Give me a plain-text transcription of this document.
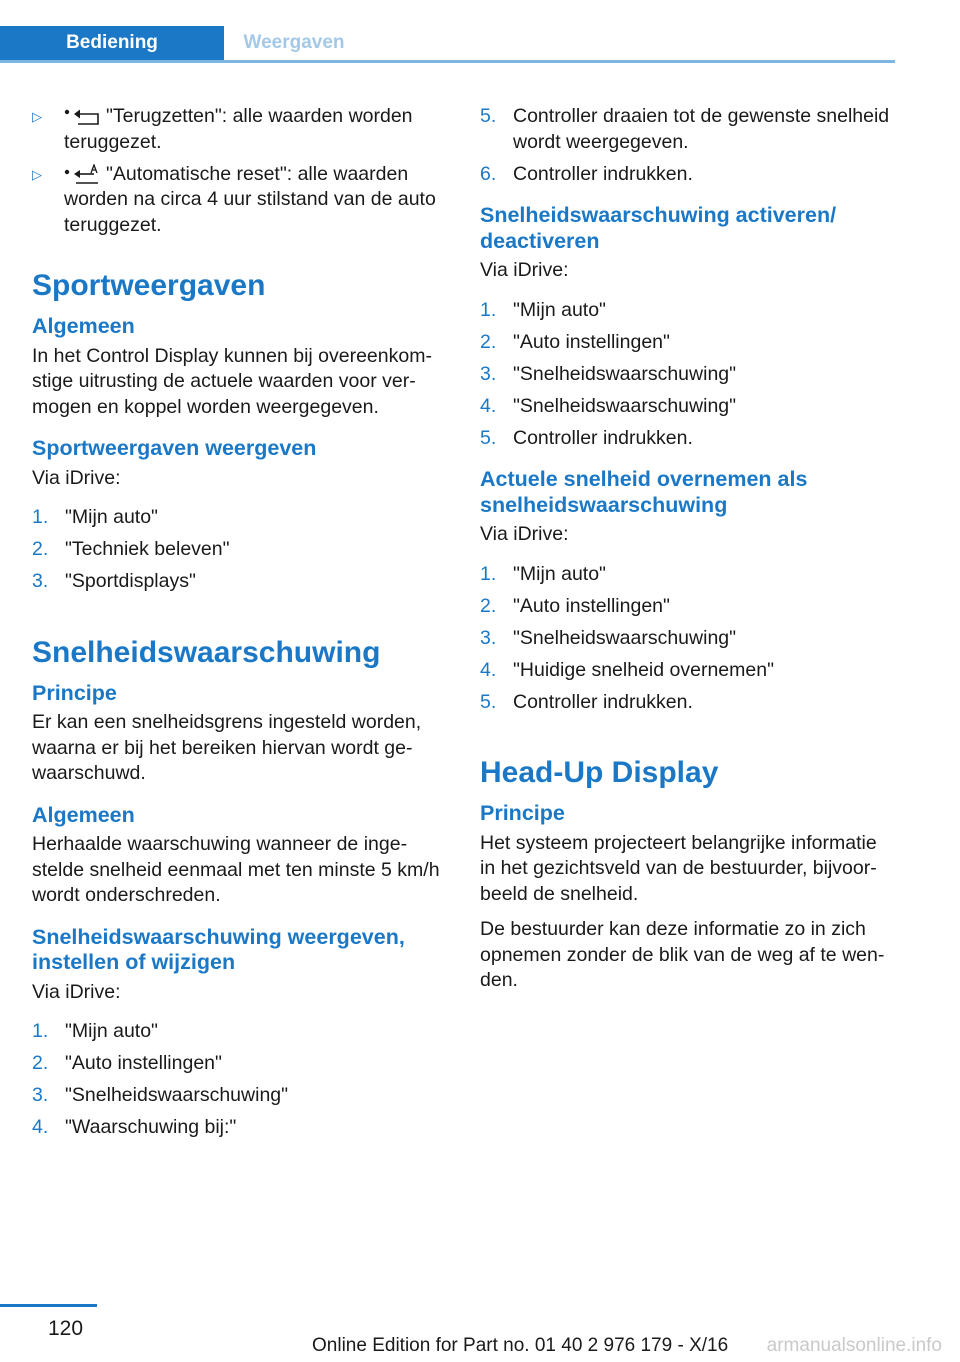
Bediening	Weergaven
▷	"Terugzetten": alle waarden worden teruggezet.
▷	"Automatische reset": alle waarden worden na circa 4 uur stilstand van de auto teruggezet.
Sportweergaven
Algemeen

In het Control Display kunnen bij overeenkomstige uitrusting de actuele waarden voor vermogen en koppel worden weergegeven.

Sportweergaven weergeven

Via iDrive:

1. "Mijn auto"
2. "Techniek beleven"
3. "Sportdisplays"
Snelheidswaarschuwing
Principe

Er kan een snelheidsgrens ingesteld worden, waarna er bij het bereiken hiervan wordt gewaarschuwd.

Algemeen

Herhaalde waarschuwing wanneer de ingestelde snelheid eenmaal met ten minste 5 km/h wordt onderschreden.

Snelheidswaarschuwing weergeven, instellen of wijzigen

Via iDrive:

1. "Mijn auto"
2. "Auto instellingen"
3. "Snelheidswaarschuwing"
4. "Waarschuwing bij:"
5. Controller draaien tot de gewenste snelheid wordt weergegeven.
6. Controller indrukken.
Snelheidswaarschuwing activeren/ deactiveren

Via iDrive:

1. "Mijn auto"
2. "Auto instellingen"
3. "Snelheidswaarschuwing"
4. "Snelheidswaarschuwing"
5. Controller indrukken.
Actuele snelheid overnemen als snelheidswaarschuwing

Via iDrive:

1. "Mijn auto"
2. "Auto instellingen"
3. "Snelheidswaarschuwing"
4. "Huidige snelheid overnemen"
5. Controller indrukken.
Head-Up Display
Principe

Het systeem projecteert belangrijke informatie in het gezichtsveld van de bestuurder, bijvoorbeeld de snelheid.

De bestuurder kan deze informatie zo in zich opnemen zonder de blik van de weg af te wenden.

120
Online Edition for Part no. 01 40 2 976 179 - X/16 armanualsonline.info
